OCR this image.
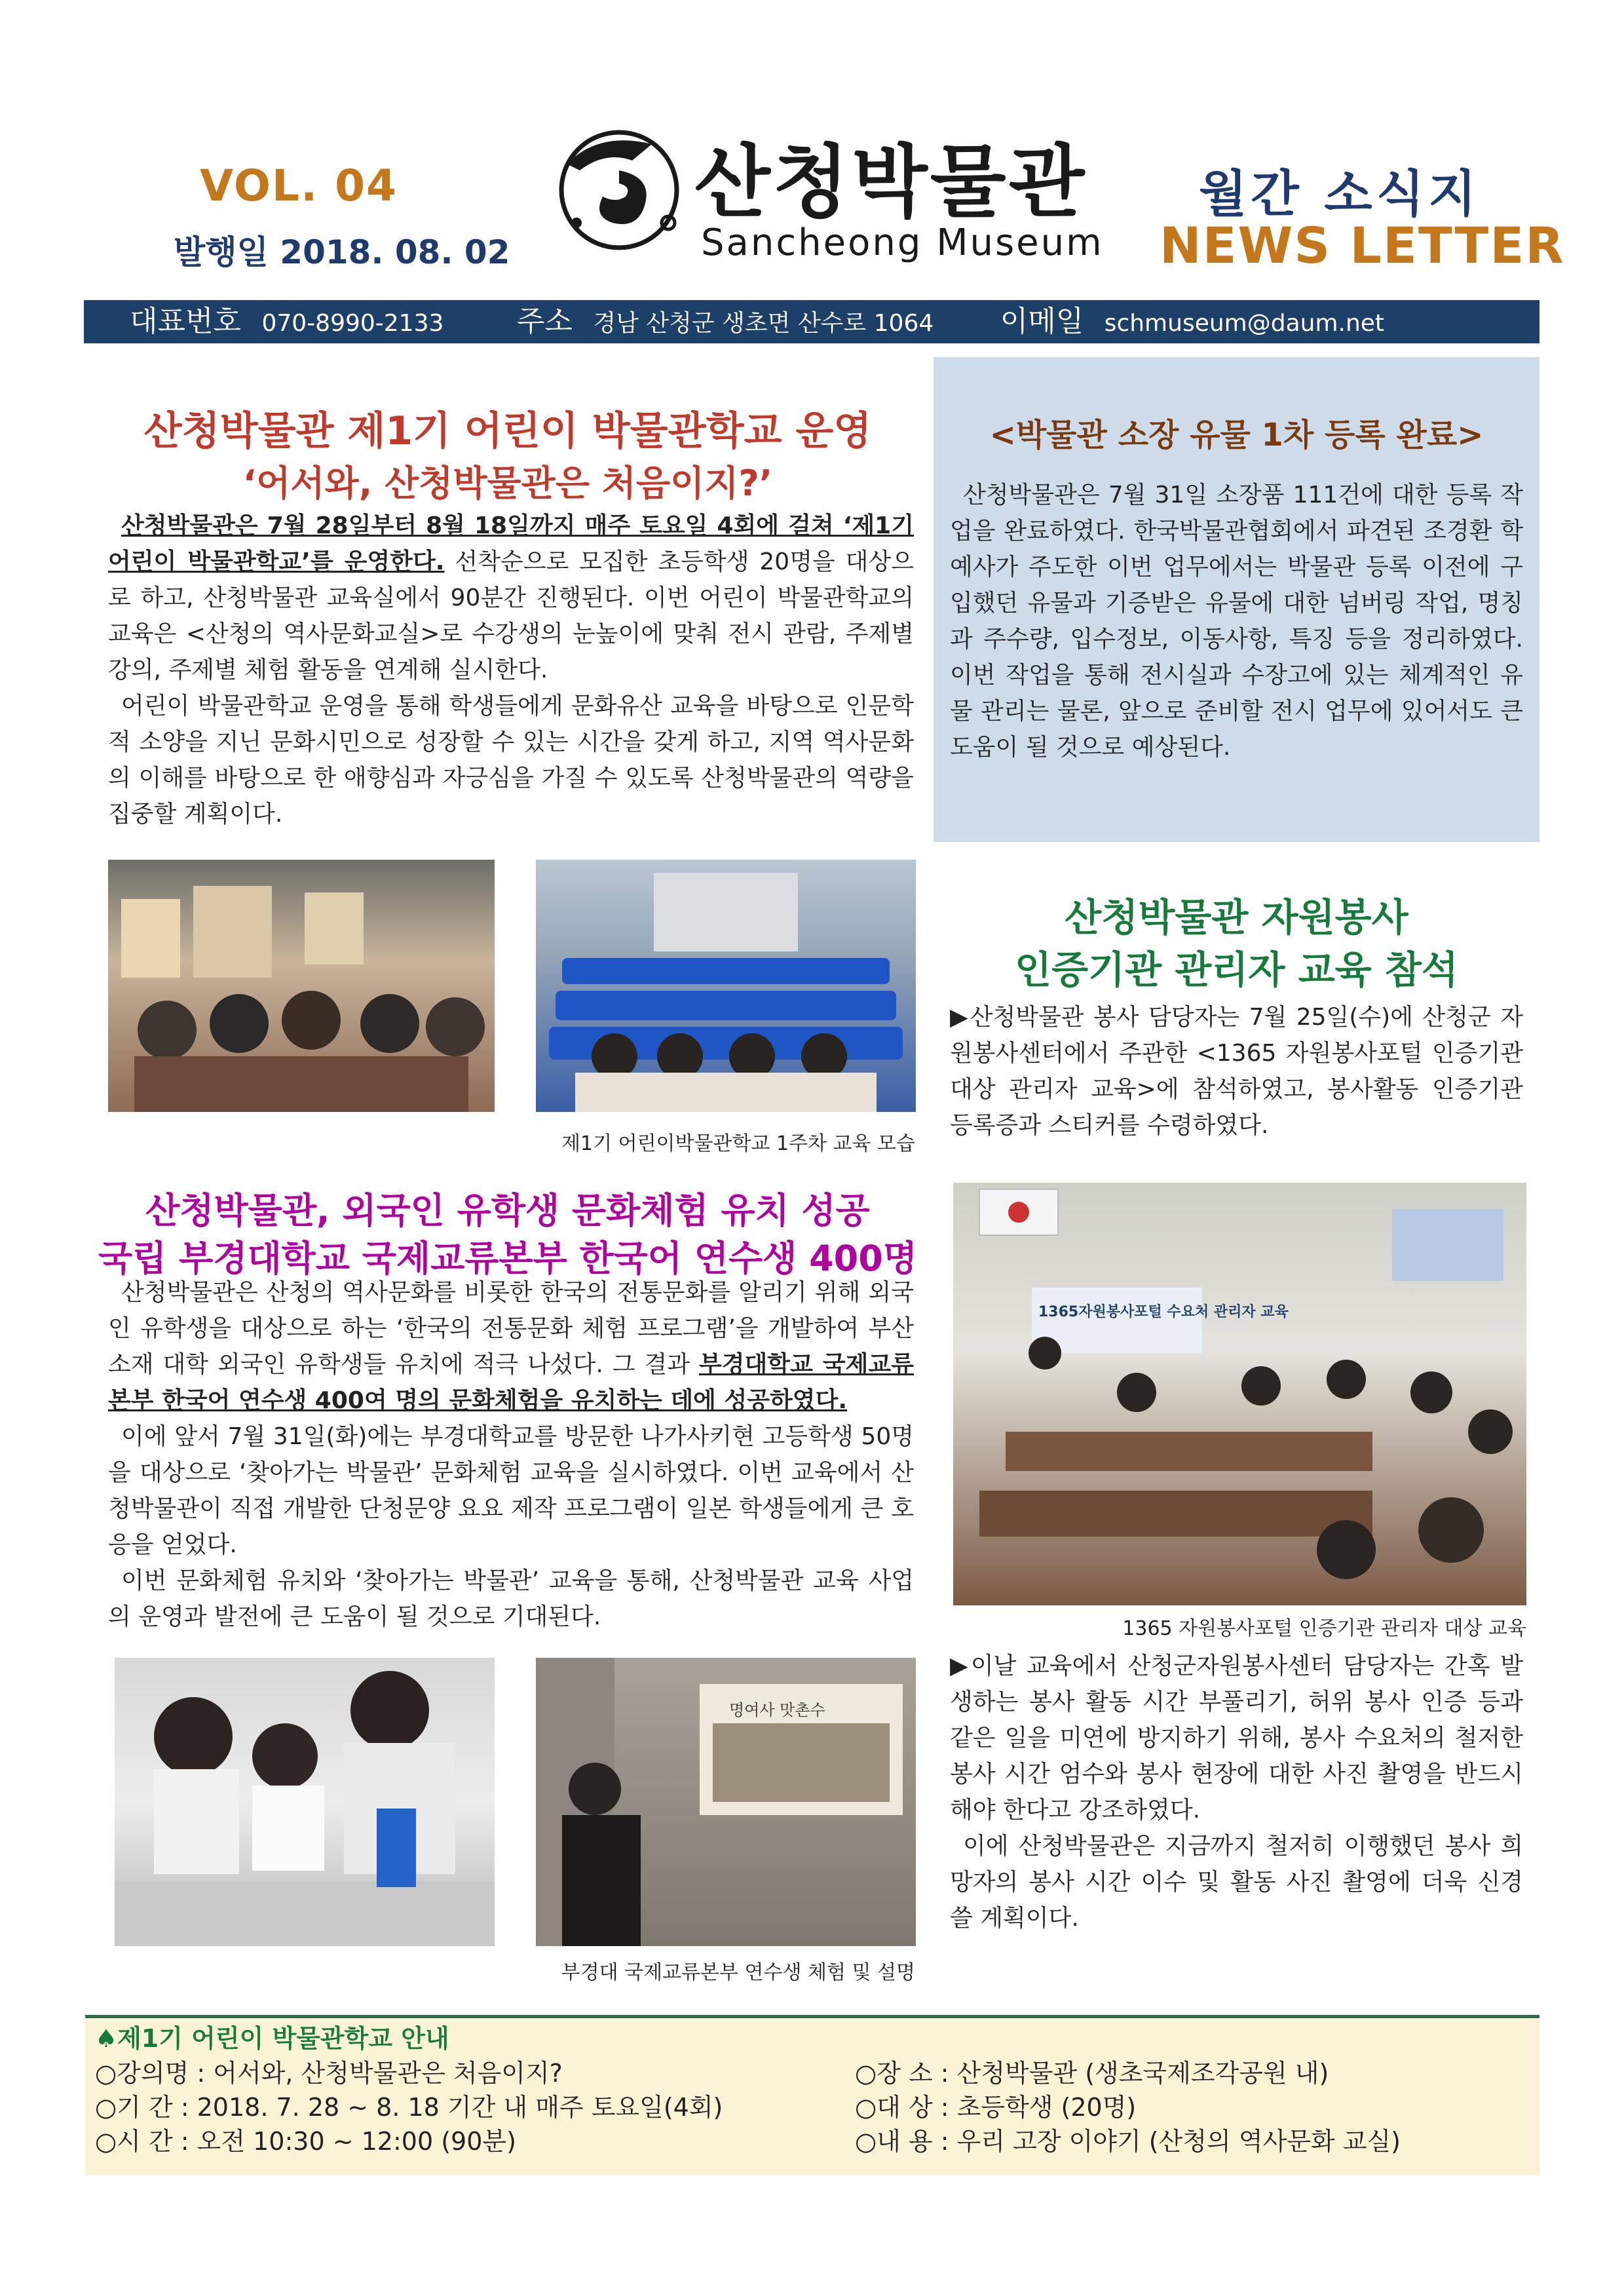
VOL. 04
발행일 2018. 08. 02
산청박물관
Sancheong Museum
월간 소식지
NEWS LETTER
대표번호 070-8990-2133	주소 경남 산청군 생초면 산수로 1064 이메일 schmuseum@daum.net
산청박물관 제1기 어린이 박물관학교 운영
‘어서와, 산청박물관은 처음이지?’
산청박물관은 7월 28일부터 8월 18일까지 매주 토요일 4회에 걸쳐 ‘제1기 어린이 박물관학교’를 운영한다. 선착순으로 모집한 초등학생 20명을 대상으로 하고, 산청박물관 교육실에서 90분간 진행된다. 이번 어린이 박물관학교의 교육은 <산청의 역사문화교실>로 수강생의 눈높이에 맞춰 전시 관람, 주제별 강의, 주제별 체험 활동을 연계해 실시한다.
어린이 박물관학교 운영을 통해 학생들에게 문화유산 교육을 바탕으로 인문학적 소양을 지닌 문화시민으로 성장할 수 있는 시간을 갖게 하고, 지역 역사문화의 이해를 바탕으로 한 애향심과 자긍심을 가질 수 있도록 산청박물관의 역량을 집중할 계획이다.
제1기 어린이박물관학교 1주차 교육 모습
산청박물관, 외국인 유학생 문화체험 유치 성공
국립 부경대학교 국제교류본부 한국어 연수생 400명
산청박물관은 산청의 역사문화를 비롯한 한국의 전통문화를 알리기 위해 외국인 유학생을 대상으로 하는 ‘한국의 전통문화 체험 프로그램’을 개발하여 부산 소재 대학 외국인 유학생들 유치에 적극 나섰다. 그 결과 부경대학교 국제교류본부 한국어 연수생 400여 명의 문화체험을 유치하는 데에 성공하였다.
이에 앞서 7월 31일(화)에는 부경대학교를 방문한 나가사키현 고등학생 50명을 대상으로 ‘찾아가는 박물관’ 문화체험 교육을 실시하였다. 이번 교육에서 산청박물관이 직접 개발한 단청문양 요요 제작 프로그램이 일본 학생들에게 큰 호응을 얻었다.
이번 문화체험 유치와 ‘찾아가는 박물관’ 교육을 통해, 산청박물관 교육 사업의 운영과 발전에 큰 도움이 될 것으로 기대된다.
명여사 맛촌수
부경대 국제교류본부 연수생 체험 및 설명
<박물관 소장 유물 1차 등록 완료>
산청박물관은 7월 31일 소장품 111건에 대한 등록 작업을 완료하였다. 한국박물관협회에서 파견된 조경환 학예사가 주도한 이번 업무에서는 박물관 등록 이전에 구입했던 유물과 기증받은 유물에 대한 넘버링 작업, 명칭과 주수량, 입수정보, 이동사항, 특징 등을 정리하였다. 이번 작업을 통해 전시실과 수장고에 있는 체계적인 유물 관리는 물론, 앞으로 준비할 전시 업무에 있어서도 큰 도움이 될 것으로 예상된다.
산청박물관 자원봉사
인증기관 관리자 교육 참석
▶산청박물관 봉사 담당자는 7월 25일(수)에 산청군 자원봉사센터에서 주관한 <1365 자원봉사포털 인증기관 대상 관리자 교육>에 참석하였고, 봉사활동 인증기관 등록증과 스티커를 수령하였다.
1365자원봉사포털 수요처 관리자 교육
1365 자원봉사포털 인증기관 관리자 대상 교육
▶이날 교육에서 산청군자원봉사센터 담당자는 간혹 발생하는 봉사 활동 시간 부풀리기, 허위 봉사 인증 등과 같은 일을 미연에 방지하기 위해, 봉사 수요처의 철저한 봉사 시간 엄수와 봉사 현장에 대한 사진 촬영을 반드시 해야 한다고 강조하였다.
이에 산청박물관은 지금까지 철저히 이행했던 봉사 희망자의 봉사 시간 이수 및 활동 사진 촬영에 더욱 신경 쓸 계획이다.
♠제1기 어린이 박물관학교 안내
○강의명 : 어서와, 산청박물관은 처음이지?	○장 소 : 산청박물관 (생초국제조각공원 내)
○기 간 : 2018. 7. 28 ~ 8. 18 기간 내 매주 토요일(4회)	○대 상 : 초등학생 (20명)
○시 간 : 오전 10:30 ~ 12:00 (90분)	○내 용 : 우리 고장 이야기 (산청의 역사문화 교실)
